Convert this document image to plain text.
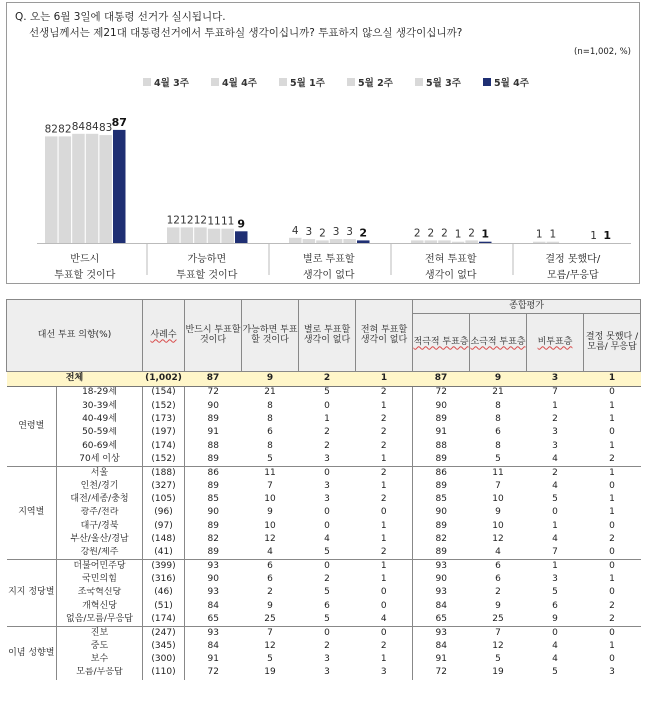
Q. 오는 6월 3일에 대통령 선거가 실시됩니다.
선생님께서는 제21대 대통령선거에서 투표하실 생각이십니까? 투표하지 않으실 생각이십니까?
(n=1,002, %)
4월 3주	4월 4주	5월 1주	5월 2주	5월 3주	5월 4주
82 82 84 84 83 87
반드시
투표할 것이다
12 12 12 11 11 9
가능하면
투표할 것이다
4 3 2 3 3 2
별로 투표할
생각이 없다
2 2 2 1 2 1
전혀 투표할
생각이 없다
1 1	1 1
결정 못했다/
모름/무응답
대선 투표 의향(%)		사례수	반드시 투표할 것이다	가능하면 투표할 것이다	별로 투표할 생각이 없다	전혀 투표할 생각이 없다	종합평가			
							적극적 투표층	소극적 투표층	비투표층	결정 못했다 /모름/ 무응답
전체		(1,002)	87	9	2	1	87	9	3	1
연령별	18-29세	(154)	72	21	5	2	72	21	7	0
	30-39세	(152)	90	8	0	1	90	8	1	1
	40-49세	(173)	89	8	1	2	89	8	2	1
	50-59세	(197)	91	6	2	2	91	6	3	0
	60-69세	(174)	88	8	2	2	88	8	3	1
	70세 이상	(152)	89	5	3	1	89	5	4	2
지역별	서울	(188)	86	11	0	2	86	11	2	1
	인천/경기	(327)	89	7	3	1	89	7	4	0
	대전/세종/충청	(105)	85	10	3	2	85	10	5	1
	광주/전라	(96)	90	9	0	0	90	9	0	1
	대구/경북	(97)	89	10	0	1	89	10	1	0
	부산/울산/경남	(148)	82	12	4	1	82	12	4	2
	강원/제주	(41)	89	4	5	2	89	4	7	0
지지 정당별	더불어민주당	(399)	93	6	0	1	93	6	1	0
	국민의힘	(316)	90	6	2	1	90	6	3	1
	조국혁신당	(46)	93	2	5	0	93	2	5	0
	개혁신당	(51)	84	9	6	0	84	9	6	2
	없음/모름/무응답	(174)	65	25	5	4	65	25	9	2
이념 성향별	진보	(247)	93	7	0	0	93	7	0	0
	중도	(345)	84	12	2	2	84	12	4	1
	보수	(300)	91	5	3	1	91	5	4	0
	모름/무응답	(110)	72	19	3	3	72	19	5	3
